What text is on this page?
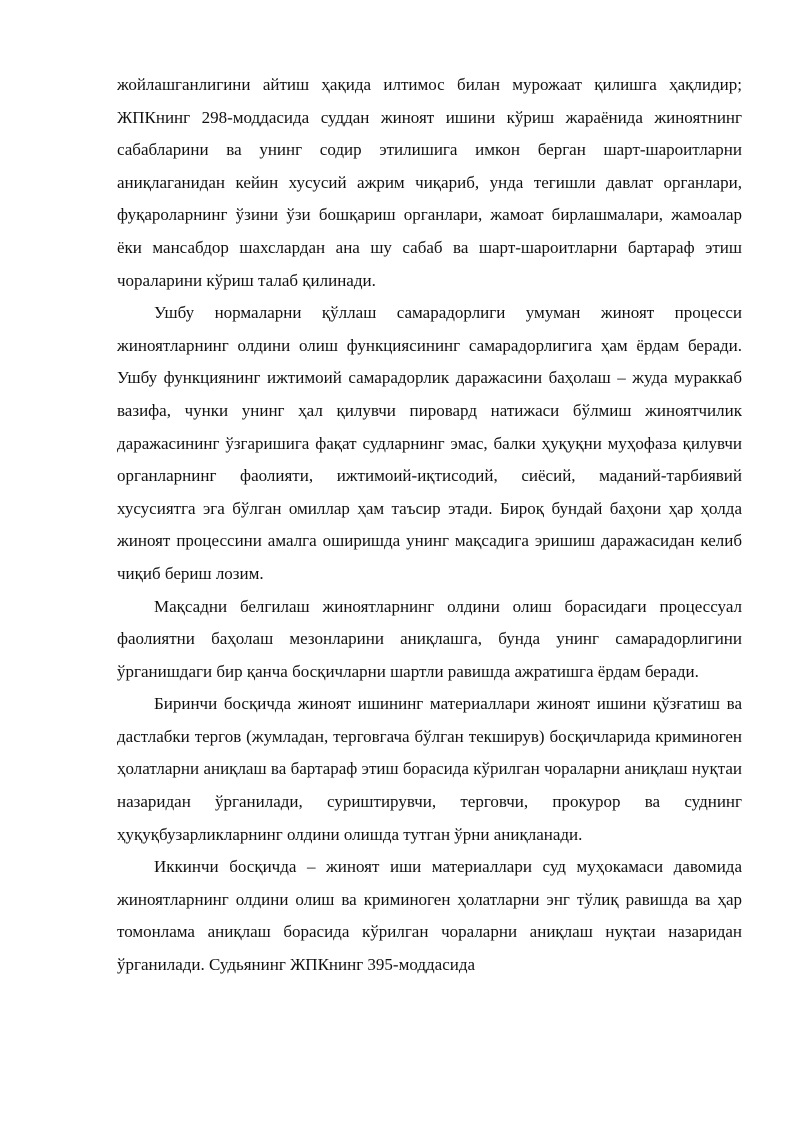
жойлашганлигини айтиш ҳақида илтимос билан мурожаат қилишга ҳақлидир; ЖПКнинг 298-моддасида суддан жиноят ишини кўриш жараёнида жиноятнинг сабабларини ва унинг содир этилишига имкон берган шарт-шароитларни аниқлаганидан кейин хусусий ажрим чиқариб, унда тегишли давлат органлари, фуқароларнинг ўзини ўзи бошқариш органлари, жамоат бирлашмалари, жамоалар ёки мансабдор шахслардан ана шу сабаб ва шарт-шароитларни бартараф этиш чораларини кўриш талаб қилинади.

Ушбу нормаларни қўллаш самарадорлиги умуман жиноят процесси жиноятларнинг олдини олиш функциясининг самарадорлигига ҳам ёрдам беради. Ушбу функциянинг ижтимоий самарадорлик даражасини баҳолаш – жуда мураккаб вазифа, чунки унинг ҳал қилувчи пировард натижаси бўлмиш жиноятчилик даражасининг ўзгаришига фақат судларнинг эмас, балки ҳуқуқни муҳофаза қилувчи органларнинг фаолияти, ижтимоий-иқтисодий, сиёсий, маданий-тарбиявий хусусиятга эга бўлган омиллар ҳам таъсир этади. Бироқ бундай баҳони ҳар ҳолда жиноят процессини амалга оширишда унинг мақсадига эришиш даражасидан келиб чиқиб бериш лозим.

Мақсадни белгилаш жиноятларнинг олдини олиш борасидаги процессуал фаолиятни баҳолаш мезонларини аниқлашга, бунда унинг самарадорлигини ўрганишдаги бир қанча босқичларни шартли равишда ажратишга ёрдам беради.

Биринчи босқичда жиноят ишининг материаллари жиноят ишини қўзғатиш ва дастлабки тергов (жумладан, терговгача бўлган текширув) босқичларида криминоген ҳолатларни аниқлаш ва бартараф этиш борасида кўрилган чораларни аниқлаш нуқтаи назаридан ўрганилади, суриштирувчи, терговчи, прокурор ва суднинг ҳуқуқбузарликларнинг олдини олишда тутган ўрни аниқланади.

Иккинчи босқичда – жиноят иши материаллари суд муҳокамаси давомида жиноятларнинг олдини олиш ва криминоген ҳолатларни энг тўлиқ равишда ва ҳар томонлама аниқлаш борасида кўрилган чораларни аниқлаш нуқтаи назаридан ўрганилади. Судьянинг ЖПКнинг 395-моддасида
